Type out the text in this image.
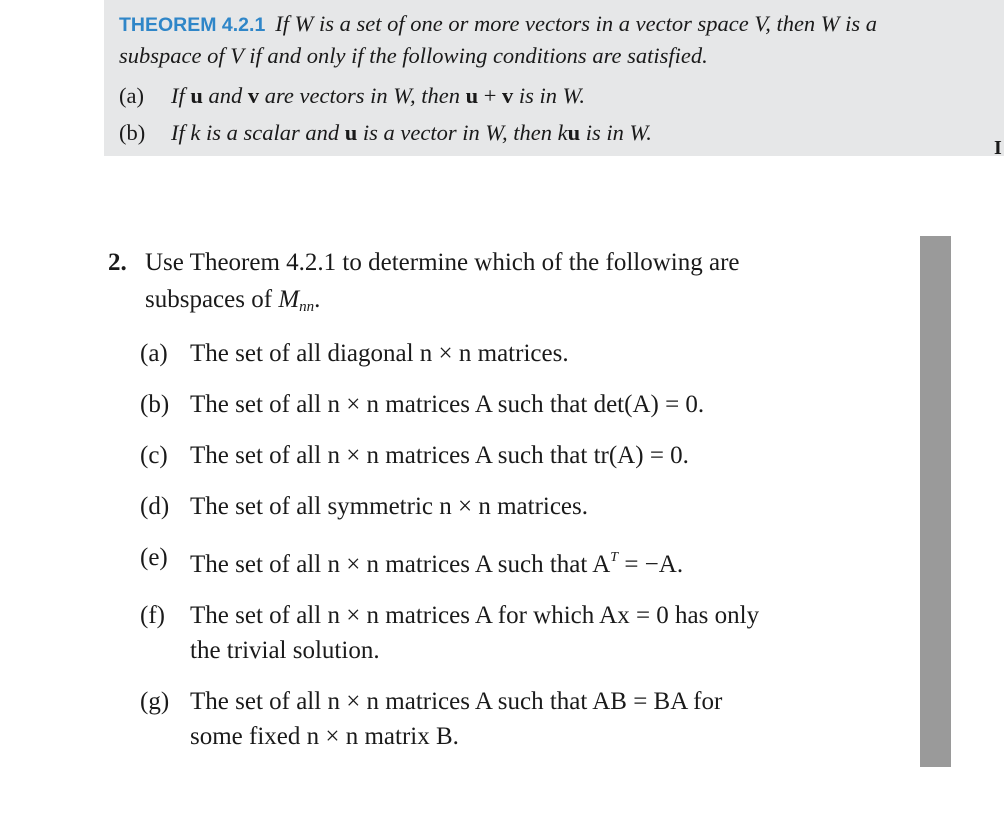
THEOREM 4.2.1 If W is a set of one or more vectors in a vector space V, then W is a
subspace of V if and only if the following conditions are satisfied.
(a) If u and v are vectors in W, then u + v is in W.
(b) If k is a scalar and u is a vector in W, then ku is in W.
I
2. Use Theorem 4.2.1 to determine which of the following are
subspaces of $M_{nn}$.
(a) The set of all diagonal n × n matrices.
(b) The set of all n × n matrices A such that det(A) = 0.
(c) The set of all n × n matrices A such that tr(A) = 0.
(d) The set of all symmetric n × n matrices.
(e) The set of all n × n matrices A such that $A^T = -A$.
(f) The set of all n × n matrices A for which Ax = 0 has only
the trivial solution.
(g) The set of all n × n matrices A such that AB = BA for
some fixed n × n matrix B.
